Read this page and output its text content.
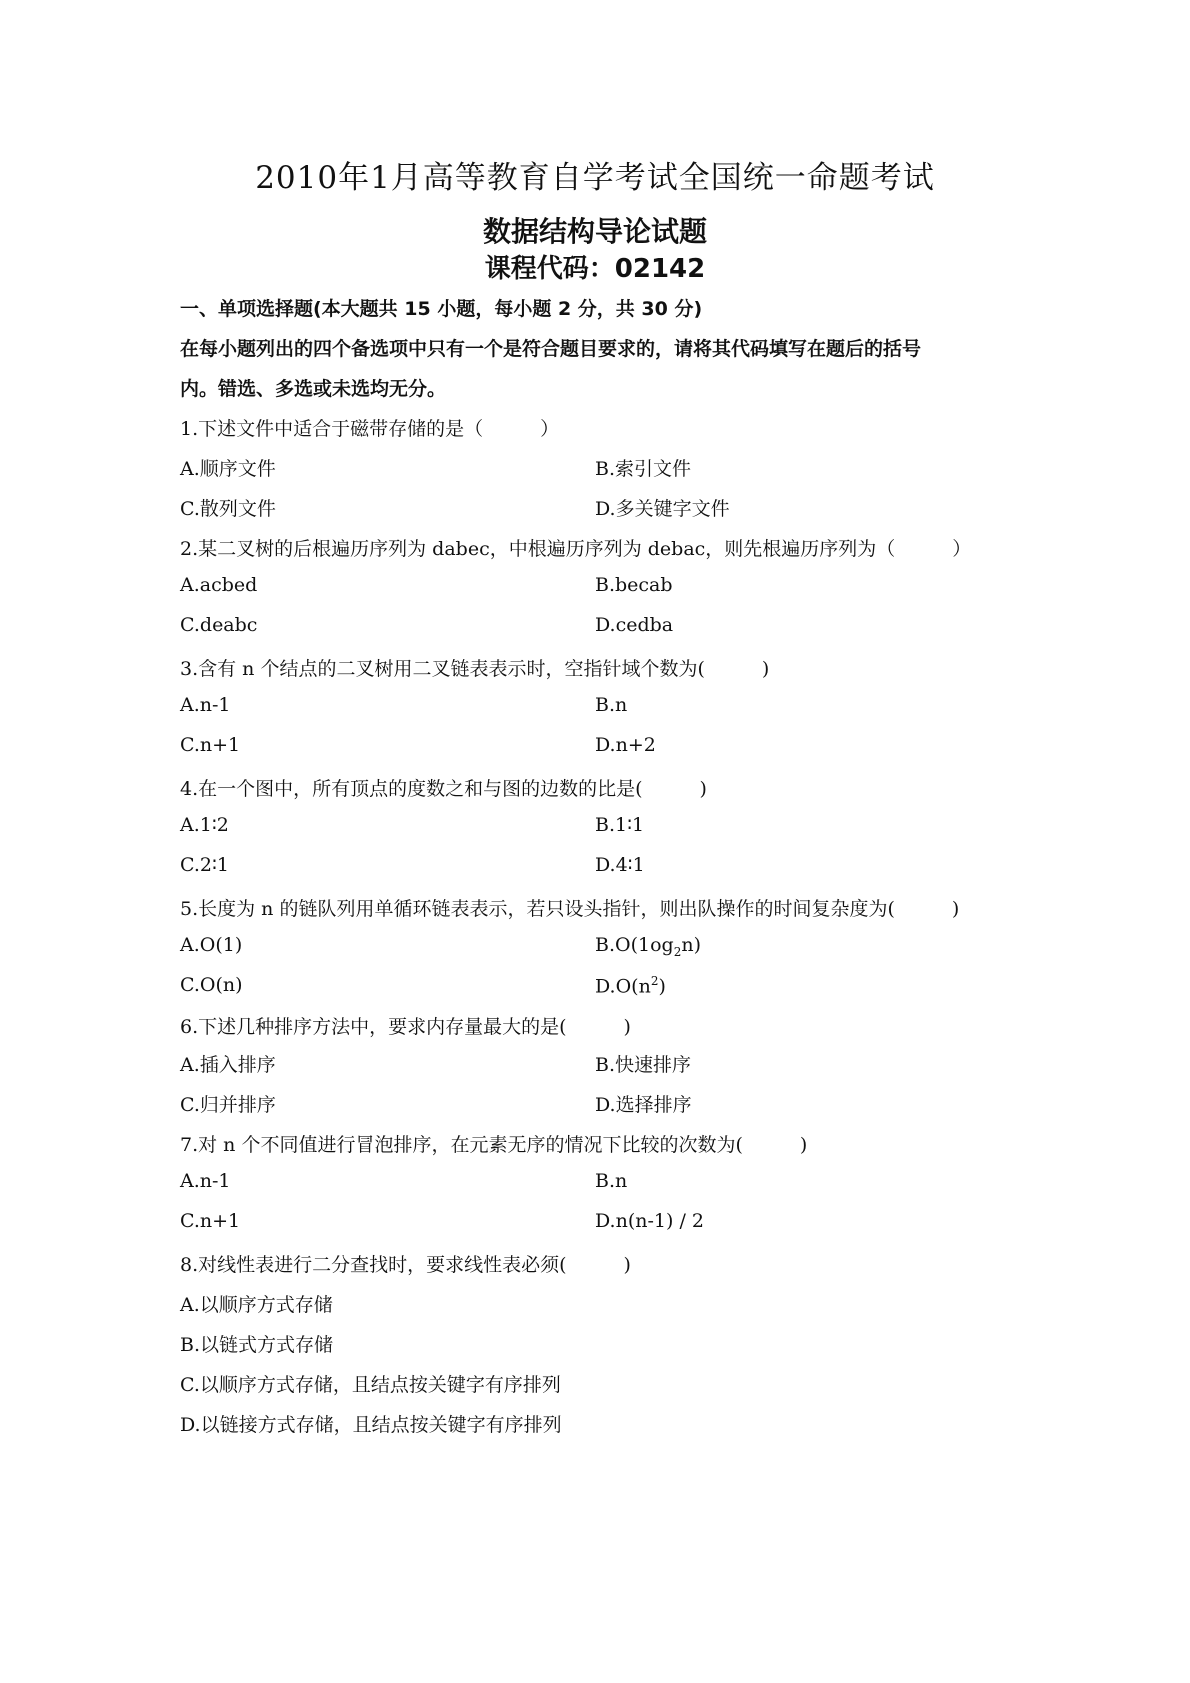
2010年1月高等教育自学考试全国统一命题考试
数据结构导论试题
课程代码：02142
一、单项选择题(本大题共 15 小题，每小题 2 分，共 30 分)
在每小题列出的四个备选项中只有一个是符合题目要求的，请将其代码填写在题后的括号
内。错选、多选或未选均无分。
1.下述文件中适合于磁带存储的是（　　　）
A.顺序文件	B.索引文件
C.散列文件	D.多关键字文件
2.某二叉树的后根遍历序列为 dabec，中根遍历序列为 debac，则先根遍历序列为（　　　）
A.acbed	B.becab
C.deabc	D.cedba
3.含有 n 个结点的二叉树用二叉链表表示时，空指针域个数为(　　　)
A.n-1	B.n
C.n+1	D.n+2
4.在一个图中，所有顶点的度数之和与图的边数的比是(　　　)
A.1∶2	B.1∶1
C.2∶1	D.4∶1
5.长度为 n 的链队列用单循环链表表示，若只设头指针，则出队操作的时间复杂度为(　　　)
A.O(1)	$B.O(1og_2n)$
C.O(n)	$D.O(n^2)$
6.下述几种排序方法中，要求内存量最大的是(　　　)
A.插入排序	B.快速排序
C.归并排序	D.选择排序
7.对 n 个不同值进行冒泡排序，在元素无序的情况下比较的次数为(　　　)
A.n-1	B.n
C.n+1	D.n(n-1) / 2
8.对线性表进行二分查找时，要求线性表必须(　　　)
A.以顺序方式存储
B.以链式方式存储
C.以顺序方式存储，且结点按关键字有序排列
D.以链接方式存储，且结点按关键字有序排列
